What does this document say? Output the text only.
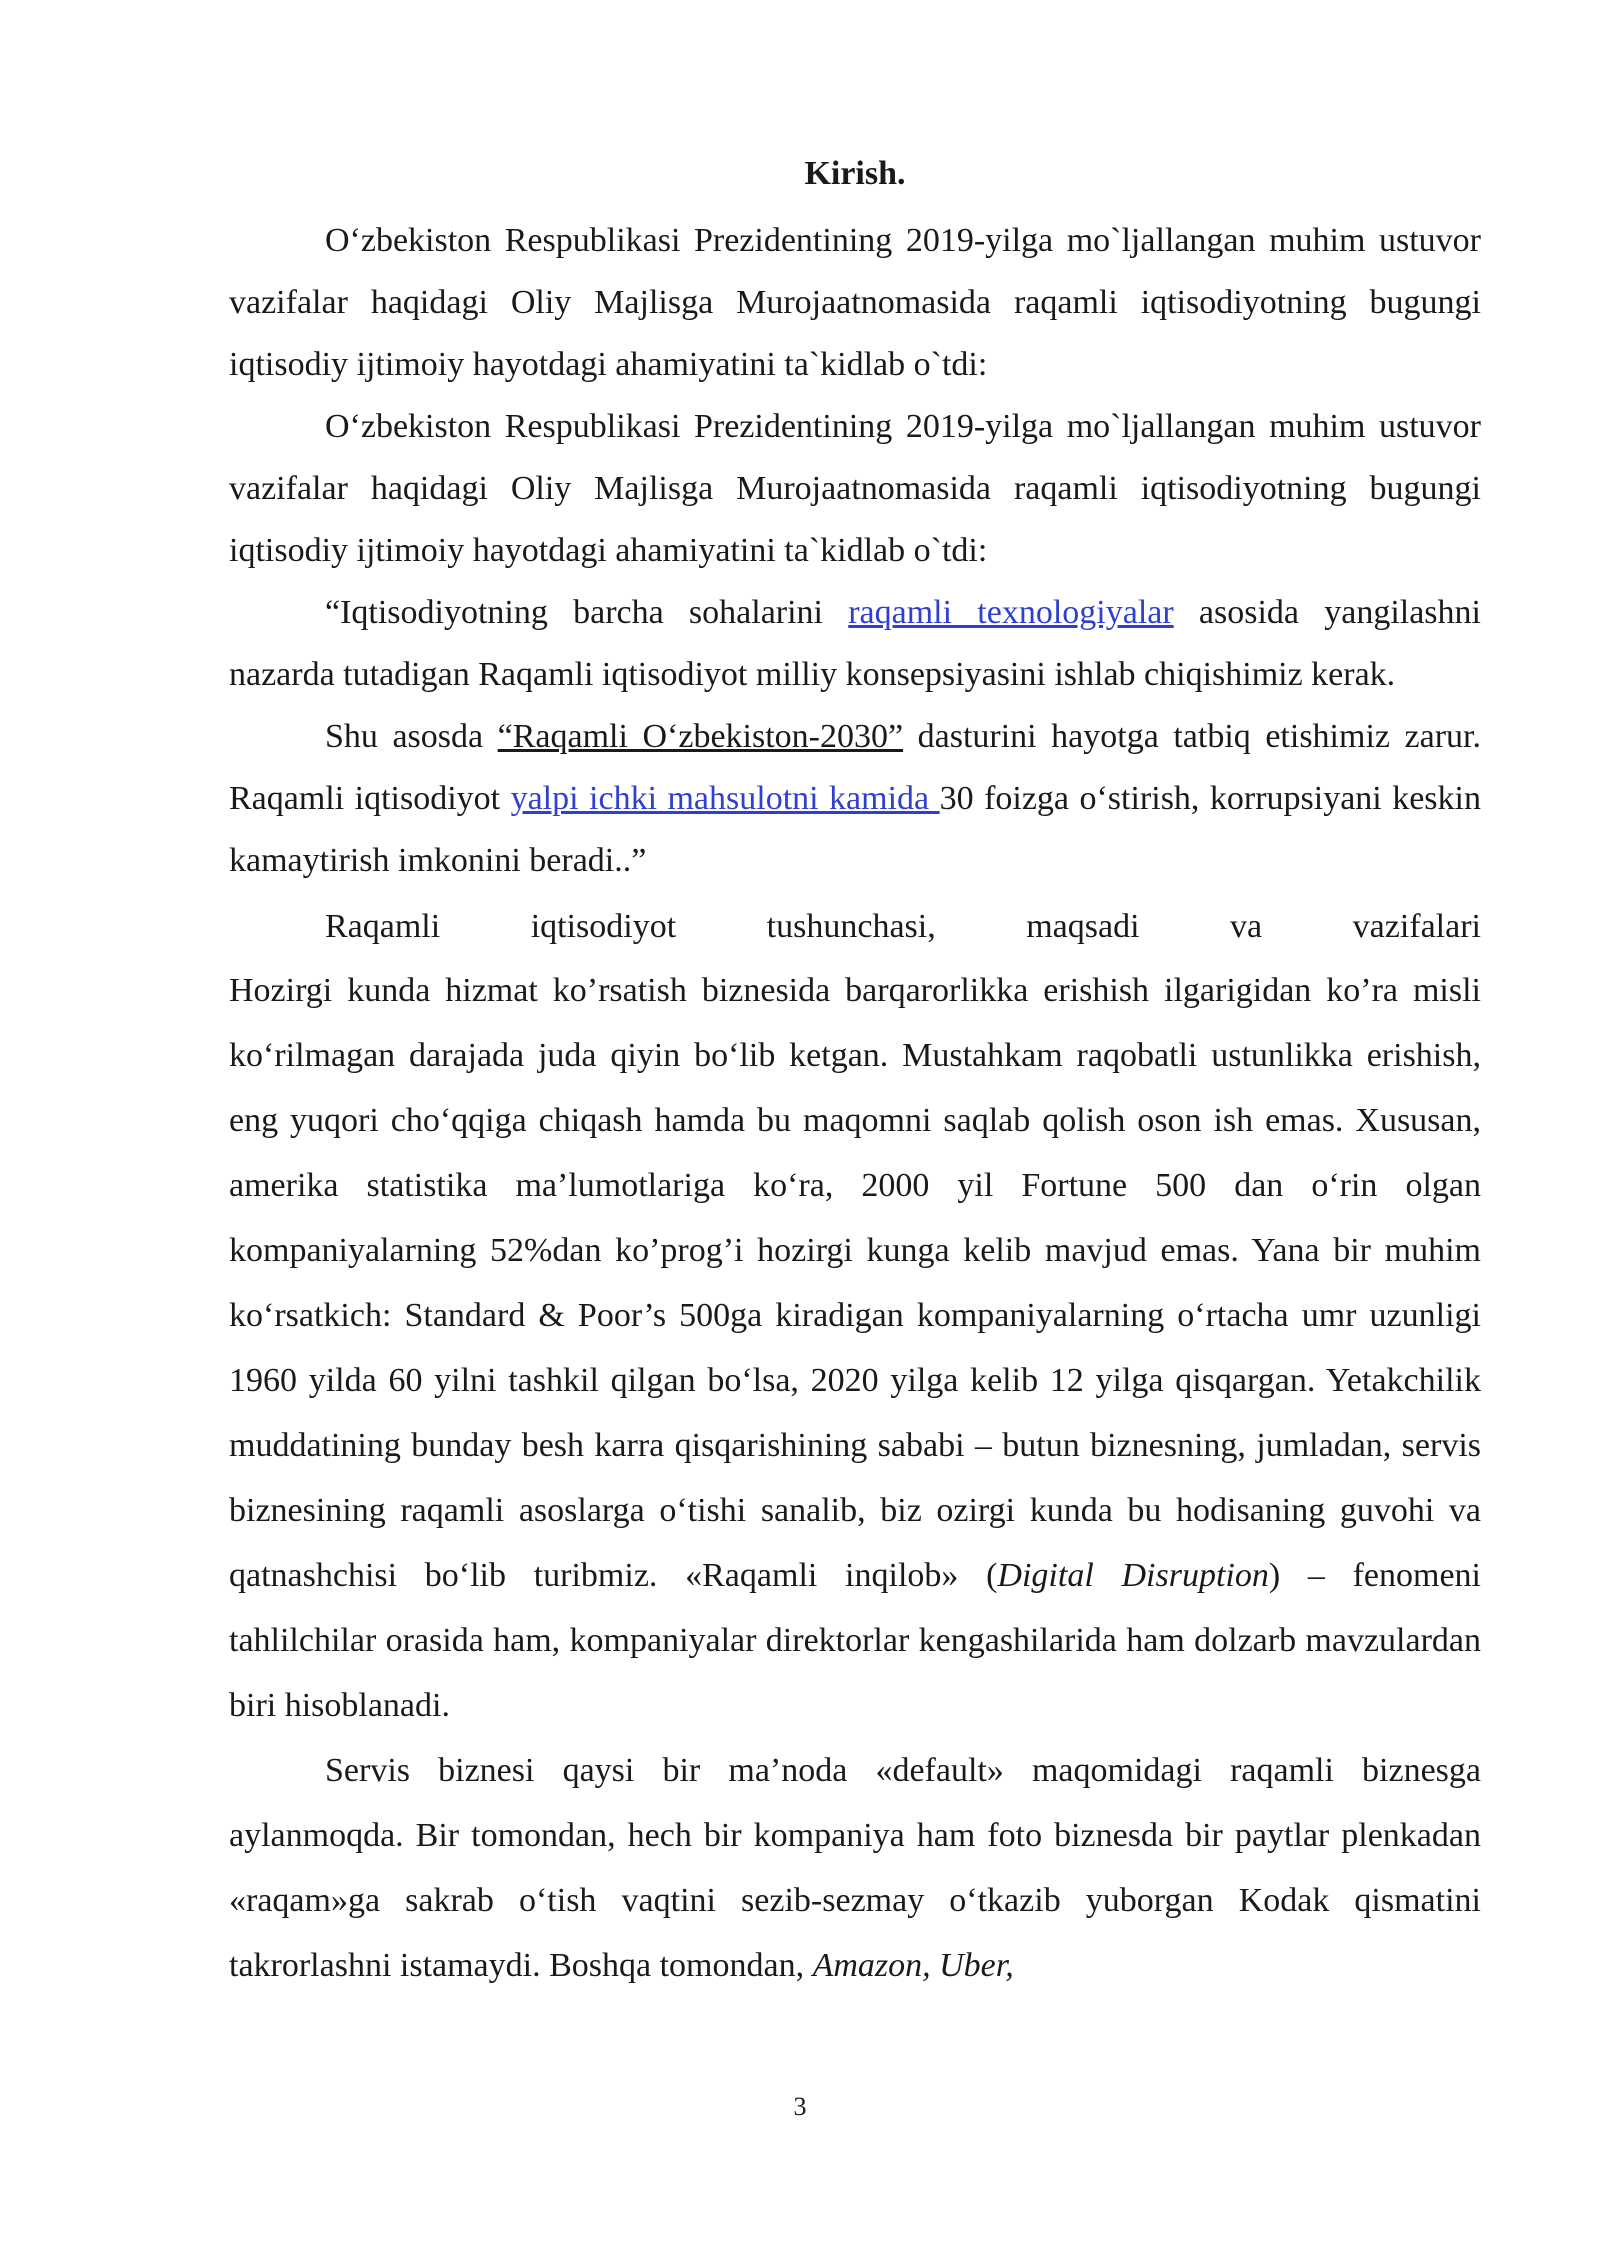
Kirish.

O‘zbekiston Respublikasi Prezidentining 2019-yilga mo`ljallangan muhim ustuvor vazifalar haqidagi Oliy Majlisga Murojaatnomasida raqamli iqtisodiyotning bugungi iqtisodiy ijtimoiy hayotdagi ahamiyatini ta`kidlab o`tdi:

O‘zbekiston Respublikasi Prezidentining 2019-yilga mo`ljallangan muhim ustuvor vazifalar haqidagi Oliy Majlisga Murojaatnomasida raqamli iqtisodiyotning bugungi iqtisodiy ijtimoiy hayotdagi ahamiyatini ta`kidlab o`tdi:

“Iqtisodiyotning barcha sohalarini raqamli texnologiyalar asosida yangilashni nazarda tutadigan Raqamli iqtisodiyot milliy konsepsiyasini ishlab chiqishimiz kerak.

Shu asosda “Raqamli O‘zbekiston-2030” dasturini hayotga tatbiq etishimiz zarur. Raqamli iqtisodiyot yalpi ichki mahsulotni kamida 30 foizga o‘stirish, korrupsiyani keskin kamaytirish imkonini beradi..”

Raqamli iqtisodiyot tushunchasi, maqsadi va vazifalari

Hozirgi kunda hizmat ko’rsatish biznesida barqarorlikka erishish ilgarigidan ko’ra misli ko‘rilmagan darajada juda qiyin bo‘lib ketgan. Mustahkam raqobatli ustunlikka erishish, eng yuqori cho‘qqiga chiqash hamda bu maqomni saqlab qolish oson ish emas. Xususan, amerika statistika ma’lumotlariga ko‘ra, 2000 yil Fortune 500 dan o‘rin olgan kompaniyalarning 52%dan ko’prog’i hozirgi kunga kelib mavjud emas. Yana bir muhim ko‘rsatkich: Standard & Poor’s 500ga kiradigan kompaniyalarning o‘rtacha umr uzunligi 1960 yilda 60 yilni tashkil qilgan bo‘lsa, 2020 yilga kelib 12 yilga qisqargan. Yetakchilik muddatining bunday besh karra qisqarishining sababi – butun biznesning, jumladan, servis biznesining raqamli asoslarga o‘tishi sanalib, biz ozirgi kunda bu hodisaning guvohi va qatnashchisi bo‘lib turibmiz. «Raqamli inqilob» (Digital Disruption) – fenomeni tahlilchilar orasida ham, kompaniyalar direktorlar kengashilarida ham dolzarb mavzulardan biri hisoblanadi.

Servis biznesi qaysi bir ma’noda «default» maqomidagi raqamli biznesga aylanmoqda. Bir tomondan, hech bir kompaniya ham foto biznesda bir paytlar plenkadan «raqam»ga sakrab o‘tish vaqtini sezib-sezmay o‘tkazib yuborgan Kodak qismatini takrorlashni istamaydi. Boshqa tomondan, Amazon, Uber,

3
